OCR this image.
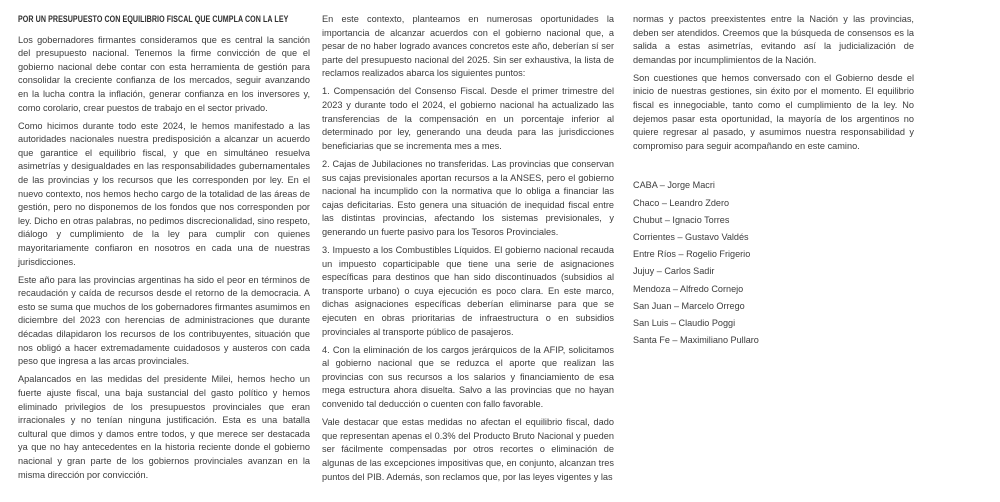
POR UN PRESUPUESTO CON EQUILIBRIO FISCAL QUE CUMPLA CON LA LEY

Los gobernadores firmantes consideramos que es central la sanción del presupuesto nacional. Tenemos la firme convicción de que el gobierno nacional debe contar con esta herramienta de gestión para consolidar la creciente confianza de los mercados, seguir avanzando en la lucha contra la inflación, generar confianza en los inversores y, como corolario, crear puestos de trabajo en el sector privado.

Como hicimos durante todo este 2024, le hemos manifestado a las autoridades nacionales nuestra predisposición a alcanzar un acuerdo que garantice el equilibrio fiscal, y que en simultáneo resuelva asimetrías y desigualdades en las responsabilidades gubernamentales de las provincias y los recursos que les corresponden por ley. En el nuevo contexto, nos hemos hecho cargo de la totalidad de las áreas de gestión, pero no disponemos de los fondos que nos corresponden por ley. Dicho en otras palabras, no pedimos discrecionalidad, sino respeto, diálogo y cumplimiento de la ley para cumplir con quienes mayoritariamente confiaron en nosotros en cada una de nuestras jurisdicciones.

Este año para las provincias argentinas ha sido el peor en términos de recaudación y caída de recursos desde el retorno de la democracia. A esto se suma que muchos de los gobernadores firmantes asumimos en diciembre del 2023 con herencias de administraciones que durante décadas dilapidaron los recursos de los contribuyentes, situación que nos obligó a hacer extremadamente cuidadosos y austeros con cada peso que ingresa a las arcas provinciales.

Apalancados en las medidas del presidente Milei, hemos hecho un fuerte ajuste fiscal, una baja sustancial del gasto político y hemos eliminado privilegios de los presupuestos provinciales que eran irracionales y no tenían ninguna justificación. Esta es una batalla cultural que dimos y damos entre todos, y que merece ser destacada ya que no hay antecedentes en la historia reciente donde el gobierno nacional y gran parte de los gobiernos provinciales avanzan en la misma dirección por convicción.

En este contexto, planteamos en numerosas oportunidades la importancia de alcanzar acuerdos con el gobierno nacional que, a pesar de no haber logrado avances concretos este año, deberían sí ser parte del presupuesto nacional del 2025. Sin ser exhaustiva, la lista de reclamos realizados abarca los siguientes puntos:

1. Compensación del Consenso Fiscal. Desde el primer trimestre del 2023 y durante todo el 2024, el gobierno nacional ha actualizado las transferencias de la compensación en un porcentaje inferior al determinado por ley, generando una deuda para las jurisdicciones beneficiarias que se incrementa mes a mes.

2. Cajas de Jubilaciones no transferidas. Las provincias que conservan sus cajas previsionales aportan recursos a la ANSES, pero el gobierno nacional ha incumplido con la normativa que lo obliga a financiar las cajas deficitarias. Esto genera una situación de inequidad fiscal entre las distintas provincias, afectando los sistemas previsionales, y generando un fuerte pasivo para los Tesoros Provinciales.

3. Impuesto a los Combustibles Líquidos. El gobierno nacional recauda un impuesto coparticipable que tiene una serie de asignaciones específicas para destinos que han sido discontinuados (subsidios al transporte urbano) o cuya ejecución es poco clara. En este marco, dichas asignaciones específicas deberían eliminarse para que se ejecuten en obras prioritarias de infraestructura o en subsidios provinciales al transporte público de pasajeros.

4. Con la eliminación de los cargos jerárquicos de la AFIP, solicitamos al gobierno nacional que se reduzca el aporte que realizan las provincias con sus recursos a los salarios y financiamiento de esa mega estructura ahora disuelta. Salvo a las provincias que no hayan convenido tal deducción o cuenten con fallo favorable.

Vale destacar que estas medidas no afectan el equilibrio fiscal, dado que representan apenas el 0.3% del Producto Bruto Nacional y pueden ser fácilmente compensadas por otros recortes o eliminación de algunas de las excepciones impositivas que, en conjunto, alcanzan tres puntos del PIB. Además, son reclamos que, por las leyes vigentes y las

normas y pactos preexistentes entre la Nación y las provincias, deben ser atendidos. Creemos que la búsqueda de consensos es la salida a estas asimetrías, evitando así la judicialización de demandas por incumplimientos de la Nación.

Son cuestiones que hemos conversado con el Gobierno desde el inicio de nuestras gestiones, sin éxito por el momento. El equilibrio fiscal es innegociable, tanto como el cumplimiento de la ley. No dejemos pasar esta oportunidad, la mayoría de los argentinos no quiere regresar al pasado, y asumimos nuestra responsabilidad y compromiso para seguir acompañando en este camino.

CABA – Jorge Macri

Chaco – Leandro Zdero

Chubut – Ignacio Torres

Corrientes – Gustavo Valdés

Entre Ríos – Rogelio Frigerio

Jujuy – Carlos Sadir

Mendoza – Alfredo Cornejo

San Juan – Marcelo Orrego

San Luis – Claudio Poggi

Santa Fe – Maximiliano Pullaro
